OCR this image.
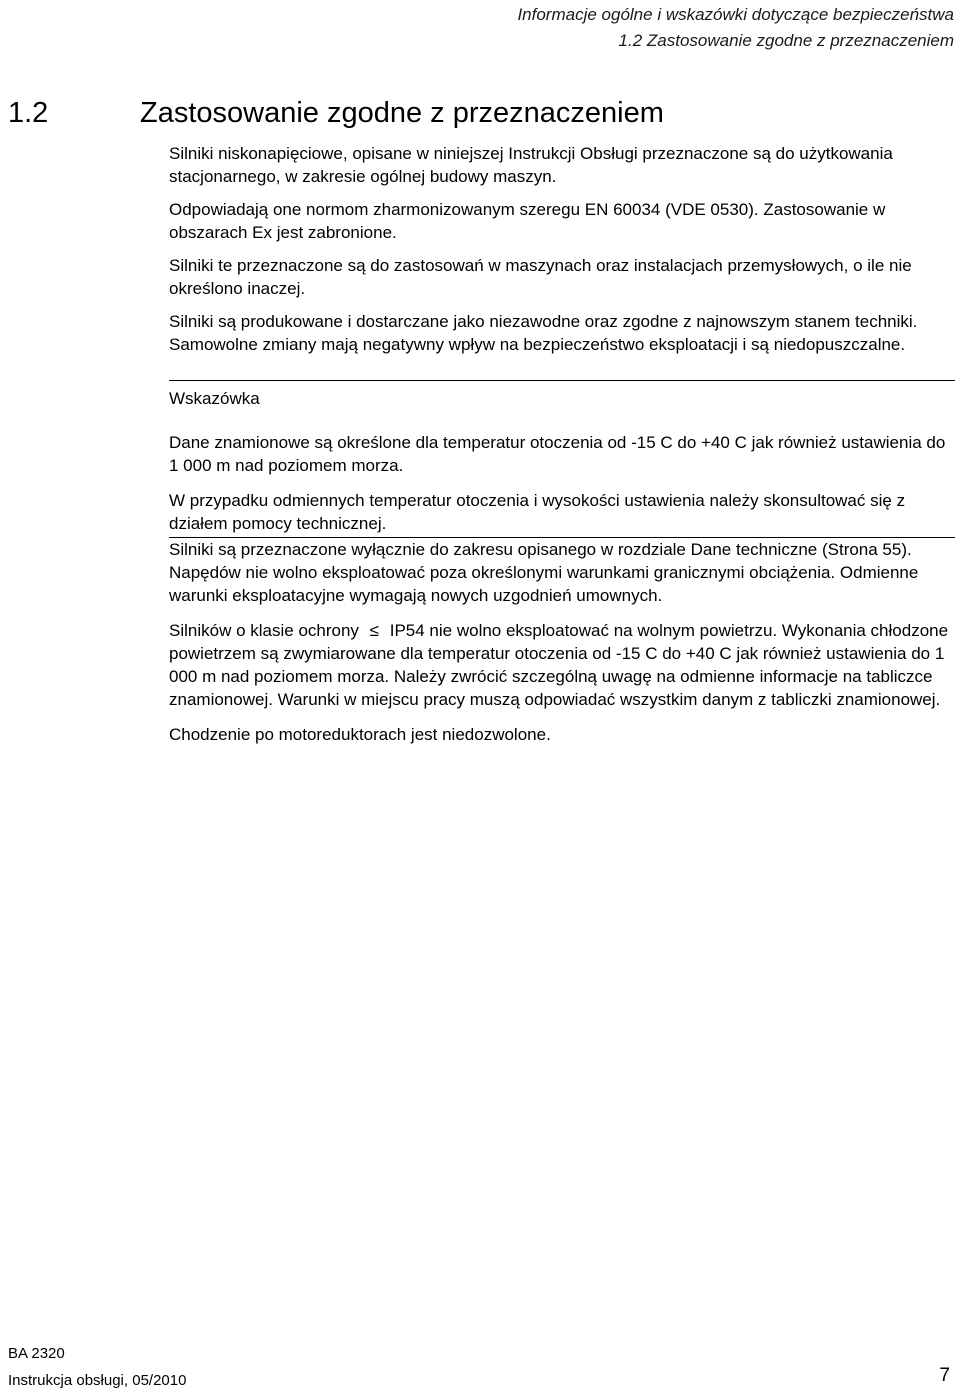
Informacje ogólne i wskazówki dotyczące bezpieczeństwa
1.2 Zastosowanie zgodne z przeznaczeniem
1.2	Zastosowanie zgodne z przeznaczeniem

Silniki niskonapięciowe, opisane w niniejszej Instrukcji Obsługi przeznaczone są do użytkowania stacjonarnego, w zakresie ogólnej budowy maszyn.

Odpowiadają one normom zharmonizowanym szeregu EN 60034 (VDE 0530). Zastosowanie w obszarach Ex jest zabronione.

Silniki te przeznaczone są do zastosowań w maszynach oraz instalacjach przemysłowych, o ile nie określono inaczej.

Silniki są produkowane i dostarczane jako niezawodne oraz zgodne z najnowszym stanem techniki. Samowolne zmiany mają negatywny wpływ na bezpieczeństwo eksploatacji i są niedopuszczalne.

Wskazówka

Dane znamionowe są określone dla temperatur otoczenia od -15 C do +40 C jak również ustawienia do 1 000 m nad poziomem morza.

W przypadku odmiennych temperatur otoczenia i wysokości ustawienia należy skonsultować się z działem pomocy technicznej.

Silniki są przeznaczone wyłącznie do zakresu opisanego w rozdziale Dane techniczne (Strona 55). Napędów nie wolno eksploatować poza określonymi warunkami granicznymi obciążenia. Odmienne warunki eksploatacyjne wymagają nowych uzgodnień umownych.

Silników o klasie ochrony ≤ IP54 nie wolno eksploatować na wolnym powietrzu. Wykonania chłodzone powietrzem są zwymiarowane dla temperatur otoczenia od -15 C do +40 C jak również ustawienia do 1 000 m nad poziomem morza. Należy zwrócić szczególną uwagę na odmienne informacje na tabliczce znamionowej. Warunki w miejscu pracy muszą odpowiadać wszystkim danym z tabliczki znamionowej.

Chodzenie po motoreduktorach jest niedozwolone.

BA 2320
Instrukcja obsługi, 05/2010	7
